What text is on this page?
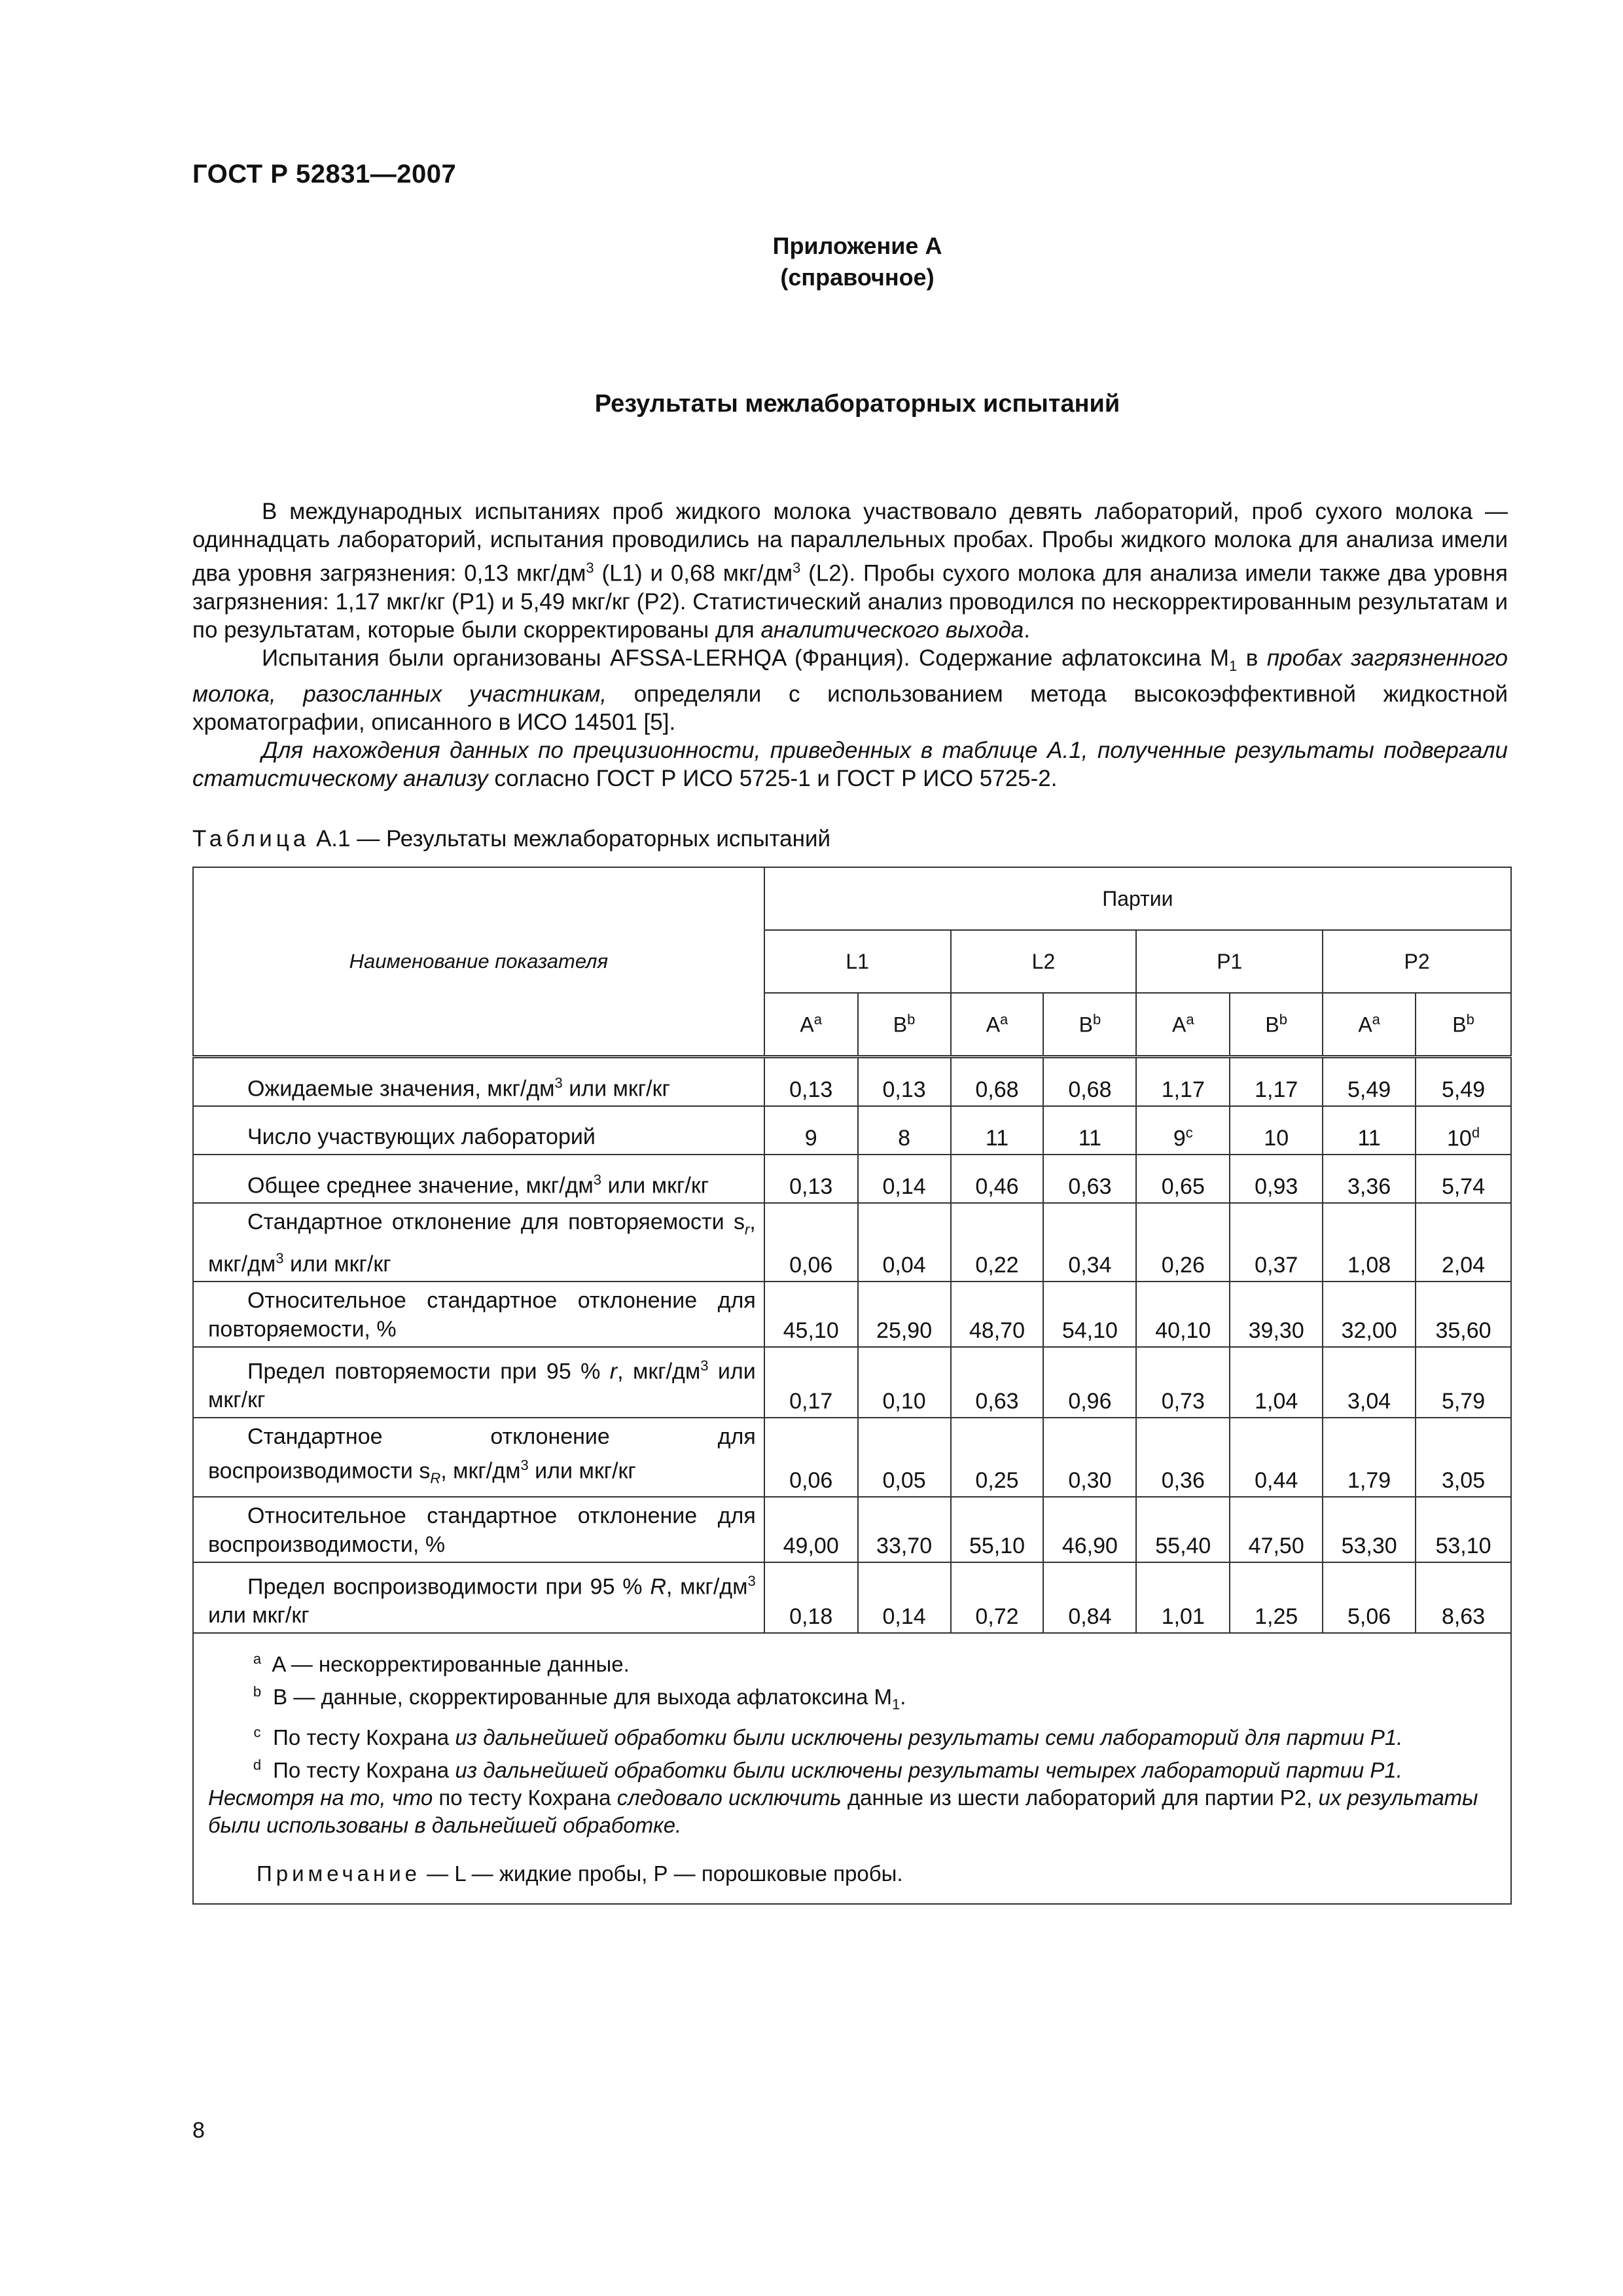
ГОСТ Р 52831—2007
Приложение А
(справочное)
Результаты межлабораторных испытаний

В международных испытаниях проб жидкого молока участвовало девять лабораторий, проб сухого молока — одиннадцать лабораторий, испытания проводились на параллельных пробах. Пробы жидкого молока для анализа имели два уровня загрязнения: 0,13 мкг/$дм^3$ (L1) и 0,68 мкг/$дм^3$ (L2). Пробы сухого молока для анализа имели также два уровня загрязнения: 1,17 мкг/кг (Р1) и 5,49 мкг/кг (Р2). Статистический анализ проводился по нескорректированным результатам и по результатам, которые были скорректированы для аналитического выхода.

Испытания были организованы AFSSA-LERHQA (Франция). Содержание афлатоксина $M_1$ в пробах загрязненного молока, разосланных участникам, определяли с использованием метода высокоэффективной жидкостной хроматографии, описанного в ИСО 14501 [5].

Для нахождения данных по прецизионности, приведенных в таблице А.1, полученные результаты подвергали статистическому анализу согласно ГОСТ Р ИСО 5725-1 и ГОСТ Р ИСО 5725-2.

Таблица А.1 — Результаты межлабораторных испытаний
Наименование показателя	Партии							
	L1		L2		P1		P2	
	$A^a$	$B^b$	$A^a$	$B^b$	$A^a$	$B^b$	$A^a$	$B^b$
Ожидаемые значения, мкг/$дм^3$ или мкг/кг	0,13	0,13	0,68	0,68	1,17	1,17	5,49	5,49
Число участвующих лабораторий	9	8	11	11	9$^c$	10	11	10$^d$
Общее среднее значение, мкг/$дм^3$ или мкг/кг	0,13	0,14	0,46	0,63	0,65	0,93	3,36	5,74
Стандартное отклонение для повторяемости $s_r$, мкг/$дм^3$ или мкг/кг	0,06	0,04	0,22	0,34	0,26	0,37	1,08	2,04
Относительное стандартное отклонение для повторяемости, %	45,10	25,90	48,70	54,10	40,10	39,30	32,00	35,60
Предел повторяемости при 95 % r, мкг/$дм^3$ или мкг/кг	0,17	0,10	0,63	0,96	0,73	1,04	3,04	5,79
Стандартное отклонение для воспроизводимости $s_R$, мкг/$дм^3$ или мкг/кг	0,06	0,05	0,25	0,30	0,36	0,44	1,79	3,05
Относительное стандартное отклонение для воспроизводимости, %	49,00	33,70	55,10	46,90	55,40	47,50	53,30	53,10
Предел воспроизводимости при 95 % R, мкг/$дм^3$ или мкг/кг	0,18	0,14	0,72	0,84	1,01	1,25	5,06	8,63

a A — нескорректированные данные.
b B — данные, скорректированные для выхода афлатоксина $M_1$.
c По тесту Кохрана из дальнейшей обработки были исключены результаты семи лабораторий для партии Р1.
d По тесту Кохрана из дальнейшей обработки были исключены результаты четырех лабораторий партии Р1. Несмотря на то, что по тесту Кохрана следовало исключить данные из шести лабораторий для партии Р2, их результаты были использованы в дальнейшей обработке.
Примечание — L — жидкие пробы, Р — порошковые пробы.								
8
